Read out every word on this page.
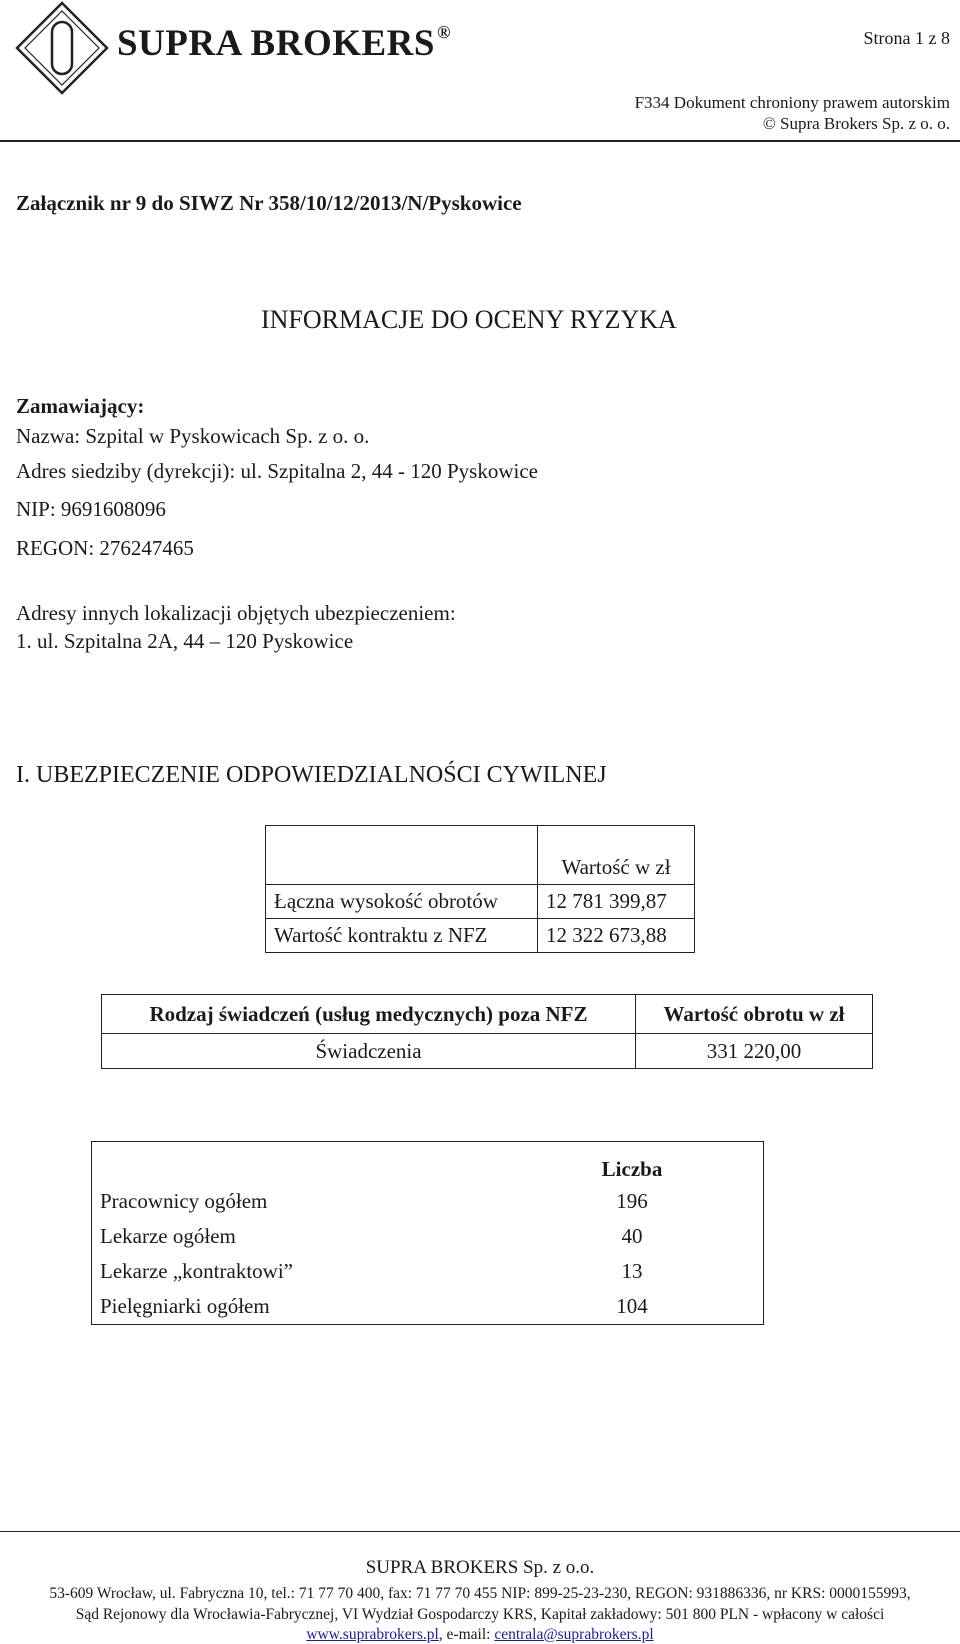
SUPRA BROKERS ®	Strona 1 z 8
F334 Dokument chroniony prawem autorskim
© Supra Brokers Sp. z o. o.
Załącznik nr 9 do SIWZ Nr 358/10/12/2013/N/Pyskowice
INFORMACJE DO OCENY RYZYKA
Zamawiający:
Nazwa: Szpital w Pyskowicach Sp. z o. o.
Adres siedziby (dyrekcji): ul. Szpitalna 2, 44 - 120 Pyskowice
NIP: 9691608096
REGON: 276247465
Adresy innych lokalizacji objętych ubezpieczeniem:
1. ul. Szpitalna 2A, 44 – 120 Pyskowice
I. UBEZPIECZENIE ODPOWIEDZIALNOŚCI CYWILNEJ
	Wartość w zł
Łączna wysokość obrotów	12 781 399,87
Wartość kontraktu z NFZ	12 322 673,88
Rodzaj świadczeń (usług medycznych) poza NFZ	Wartość obrotu w zł
Świadczenia	331 220,00
	Liczba
Pracownicy ogółem	196
Lekarze ogółem	40
Lekarze „kontraktowi”	13
Pielęgniarki ogółem	104
SUPRA BROKERS Sp. z o.o.
53-609 Wrocław, ul. Fabryczna 10, tel.: 71 77 70 400, fax: 71 77 70 455 NIP: 899-25-23-230, REGON: 931886336, nr KRS: 0000155993,
Sąd Rejonowy dla Wrocławia-Fabrycznej, VI Wydział Gospodarczy KRS, Kapitał zakładowy: 501 800 PLN - wpłacony w całości
www.suprabrokers.pl, e-mail: centrala@suprabrokers.pl
